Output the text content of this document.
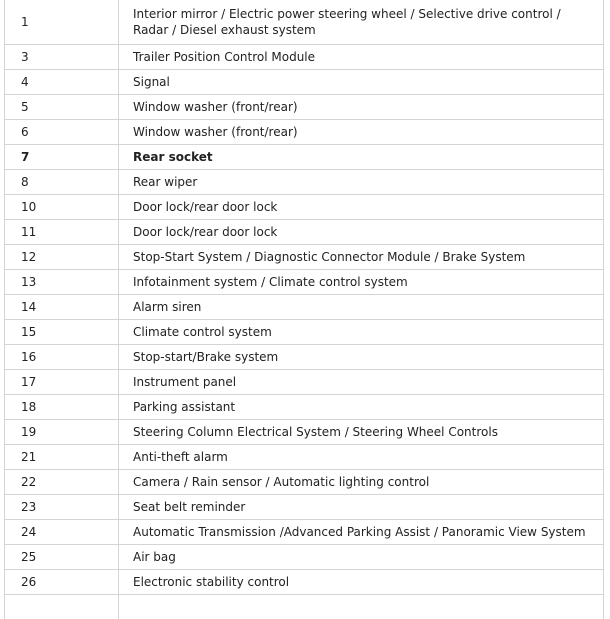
1	Interior mirror / Electric power steering wheel / Selective drive control / Radar / Diesel exhaust system
3	Trailer Position Control Module
4	Signal
5	Window washer (front/rear)
6	Window washer (front/rear)
7	Rear socket
8	Rear wiper
10	Door lock/rear door lock
11	Door lock/rear door lock
12	Stop-Start System / Diagnostic Connector Module / Brake System
13	Infotainment system / Climate control system
14	Alarm siren
15	Climate control system
16	Stop-start/Brake system
17	Instrument panel
18	Parking assistant
19	Steering Column Electrical System / Steering Wheel Controls
21	Anti-theft alarm
22	Camera / Rain sensor / Automatic lighting control
23	Seat belt reminder
24	Automatic Transmission /Advanced Parking Assist / Panoramic View System
25	Air bag
26	Electronic stability control
